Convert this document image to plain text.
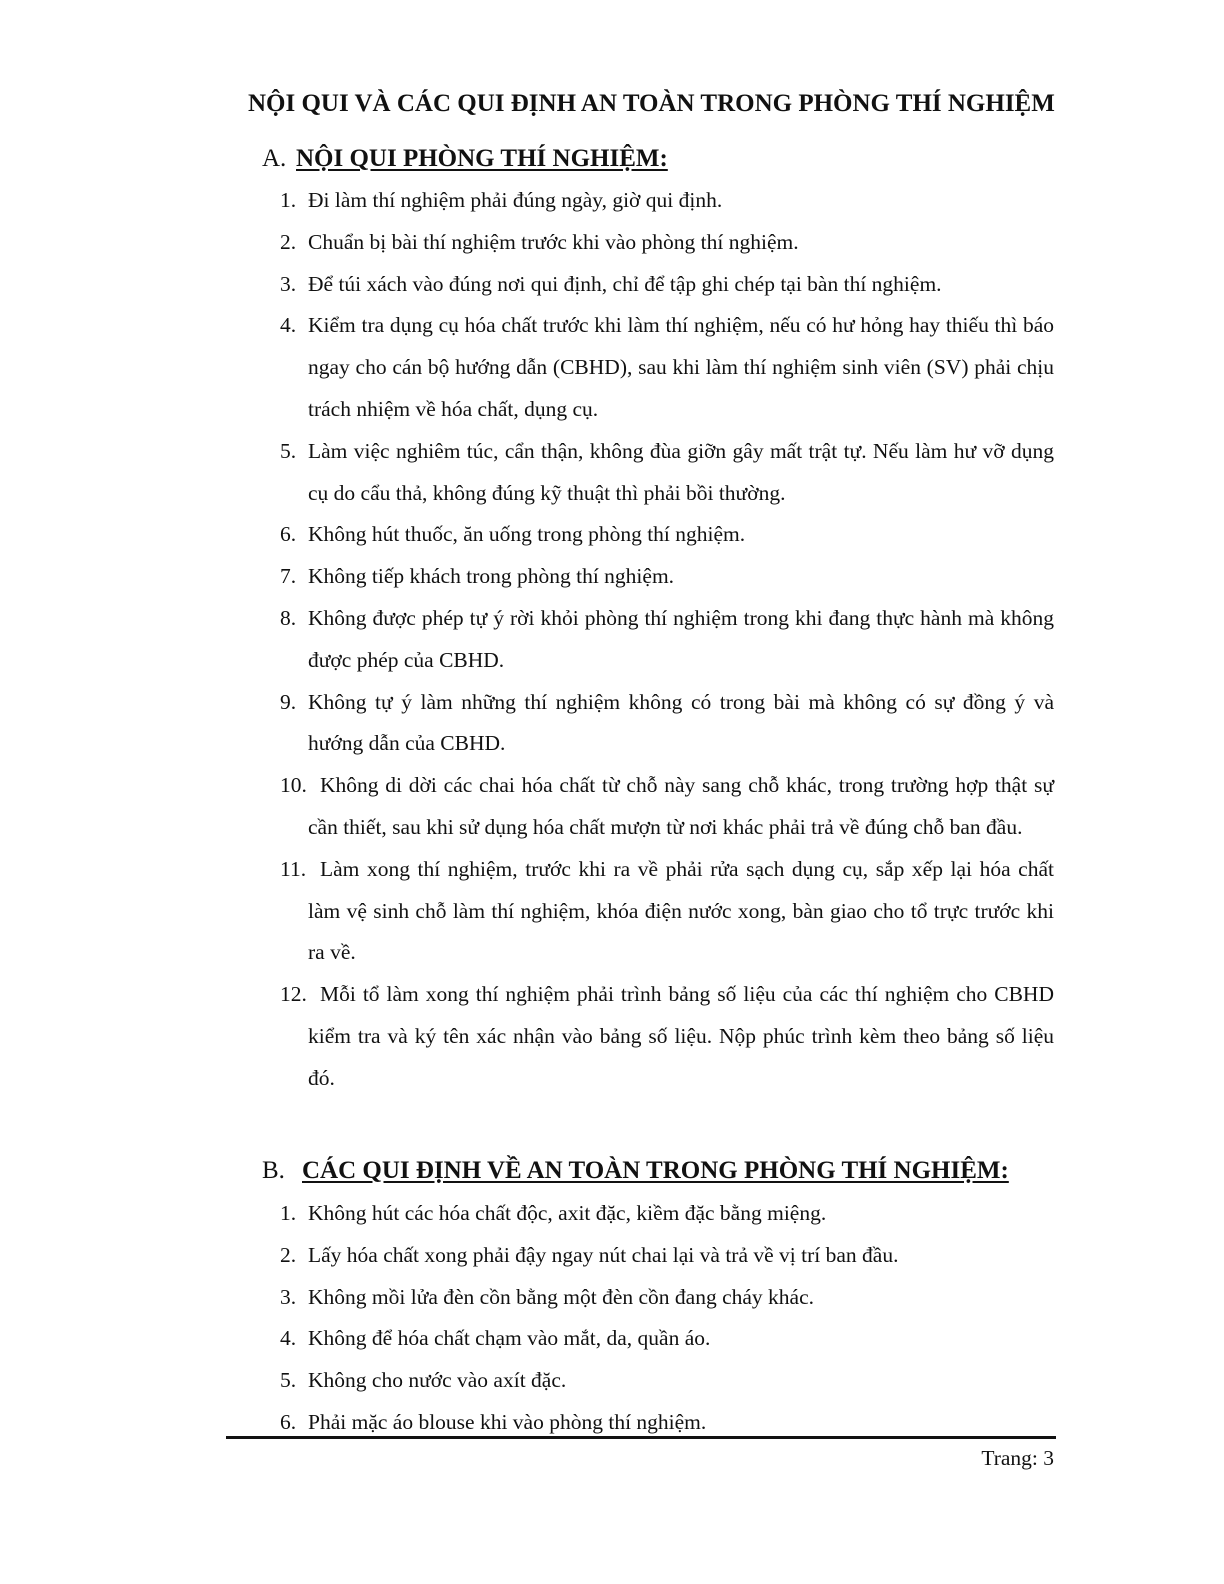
NỘI QUI VÀ CÁC QUI ĐỊNH AN TOÀN TRONG PHÒNG THÍ NGHIỆM
A. NỘI QUI PHÒNG THÍ NGHIỆM:
1. Đi làm thí nghiệm phải đúng ngày, giờ qui định.
2. Chuẩn bị bài thí nghiệm trước khi vào phòng thí nghiệm.
3. Để túi xách vào đúng nơi qui định, chỉ để tập ghi chép tại bàn thí nghiệm.
4. Kiểm tra dụng cụ hóa chất trước khi làm thí nghiệm, nếu có hư hỏng hay thiếu thì báo ngay cho cán bộ hướng dẫn (CBHD), sau khi làm thí nghiệm sinh viên (SV) phải chịu trách nhiệm về hóa chất, dụng cụ.
5. Làm việc nghiêm túc, cẩn thận, không đùa giỡn gây mất trật tự. Nếu làm hư vỡ dụng cụ do cẩu thả, không đúng kỹ thuật thì phải bồi thường.
6. Không hút thuốc, ăn uống trong phòng thí nghiệm.
7. Không tiếp khách trong phòng thí nghiệm.
8. Không được phép tự ý rời khỏi phòng thí nghiệm trong khi đang thực hành mà không được phép của CBHD.
9. Không tự ý làm những thí nghiệm không có trong bài mà không có sự đồng ý và hướng dẫn của CBHD.
10. Không di dời các chai hóa chất từ chỗ này sang chỗ khác, trong trường hợp thật sự cần thiết, sau khi sử dụng hóa chất mượn từ nơi khác phải trả về đúng chỗ ban đầu.
11. Làm xong thí nghiệm, trước khi ra về phải rửa sạch dụng cụ, sắp xếp lại hóa chất làm vệ sinh chỗ làm thí nghiệm, khóa điện nước xong, bàn giao cho tổ trực trước khi ra về.
12. Mỗi tổ làm xong thí nghiệm phải trình bảng số liệu của các thí nghiệm cho CBHD kiểm tra và ký tên xác nhận vào bảng số liệu. Nộp phúc trình kèm theo bảng số liệu đó.
B. CÁC QUI ĐỊNH VỀ AN TOÀN TRONG PHÒNG THÍ NGHIỆM:
1. Không hút các hóa chất độc, axit đặc, kiềm đặc bằng miệng.
2. Lấy hóa chất xong phải đậy ngay nút chai lại và trả về vị trí ban đầu.
3. Không mồi lửa đèn cồn bằng một đèn cồn đang cháy khác.
4. Không để hóa chất chạm vào mắt, da, quần áo.
5. Không cho nước vào axít đặc.
6. Phải mặc áo blouse khi vào phòng thí nghiệm.
Trang: 3
